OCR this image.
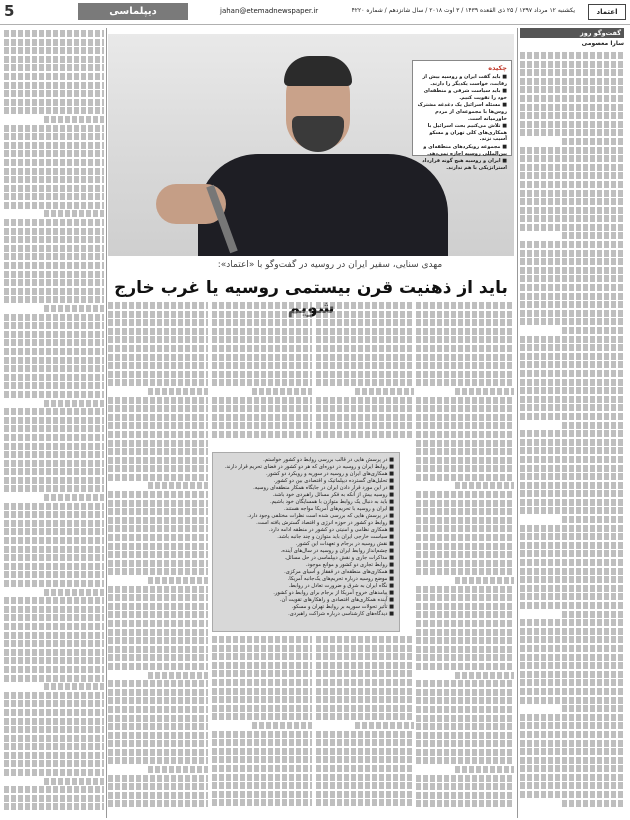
5	دیپلماسی	jahan@etemadnewspaper.ir	یکشنبه ۱۲ مرداد ۱۳۹۷ / ۲۵ ذی القعده ۱۴۳۹ / ۳ اوت ۲۰۱۸ / سال شانزدهم / شماره ۴۲۲۰	اعتماد
چکیده
■ باید گفت ایران و روسیه بیش از رقابت، خواست یکدیگر را دارند.
■ باید سیاست شرقی و منطقه‌ای خود را تقویت کنیم.
■ مسئله اسرائیل یک دغدغه مشترک روس‌ها با مجموعه‌ای از مردم خاورمیانه است.
■ تلاش می‌کنیم بحث اسرائیل با همکاری‌های کلی تهران و مسکو آسیب نزند.
■ مجموعه رویکردهای منطقه‌ای و بین‌المللی روسیه اجازه نمی‌دهد.
■ ایران و روسیه هیچ گونه قرارداد استراتژیکی با هم ندارند.
مهدی سنایی، سفیر ایران در روسیه در گفت‌وگو با «اعتماد»:
باید از ذهنیت قرن بیستمی روسیه یا غرب خارج
■ در پرسش هایی در قالب بررسی روابط دو کشور خواستم.
■ روابط ایران و روسیه در دوره‌ای که هر دو کشور در فضای تحریم قرار دارند.
■ همکاری‌های ایران و روسیه در سوریه و رویکرد دو کشور.
■ تحلیل‌های گسترده دیپلماتیک و اقتصادی بین دو کشور.
■ در این مورد قرار دادن ایران در جایگاه همکار منطقه‌ای روسیه.
■ روسیه بیش از آنکه به فکر مسائل راهبردی خود باشد.
■ باید به دنبال یک روابط متوازن با همسایگان خود باشیم.
■ ایران و روسیه با تحریم‌های آمریکا مواجه هستند.
■ در پرسش هایی که بررسی شده است نظرات مختلفی وجود دارد.
■ روابط دو کشور در حوزه انرژی و اقتصاد گسترش یافته است.
■ همکاری نظامی و امنیتی دو کشور در منطقه ادامه دارد.
■ سیاست خارجی ایران باید متوازن و چند جانبه باشد.
■ نقش روسیه در برجام و تعهدات این کشور.
■ چشم‌انداز روابط ایران و روسیه در سال‌های آینده.
■ مذاکرات جاری و نقش دیپلماسی در حل مسائل.
■ روابط تجاری دو کشور و موانع موجود.
■ همکاری‌های منطقه‌ای در قفقاز و آسیای مرکزی.
■ موضع روسیه درباره تحریم‌های یک‌جانبه آمریکا.
■ نگاه ایران به شرق و ضرورت تعادل در روابط.
■ پیامدهای خروج آمریکا از برجام برای روابط دو کشور.
■ آینده همکاری‌های اقتصادی و راهکارهای تقویت آن.
■ تأثیر تحولات سوریه بر روابط تهران و مسکو.
■ دیدگاه‌های کارشناسی درباره شراکت راهبردی.
گفت‌وگو روز
سارا معصومی
